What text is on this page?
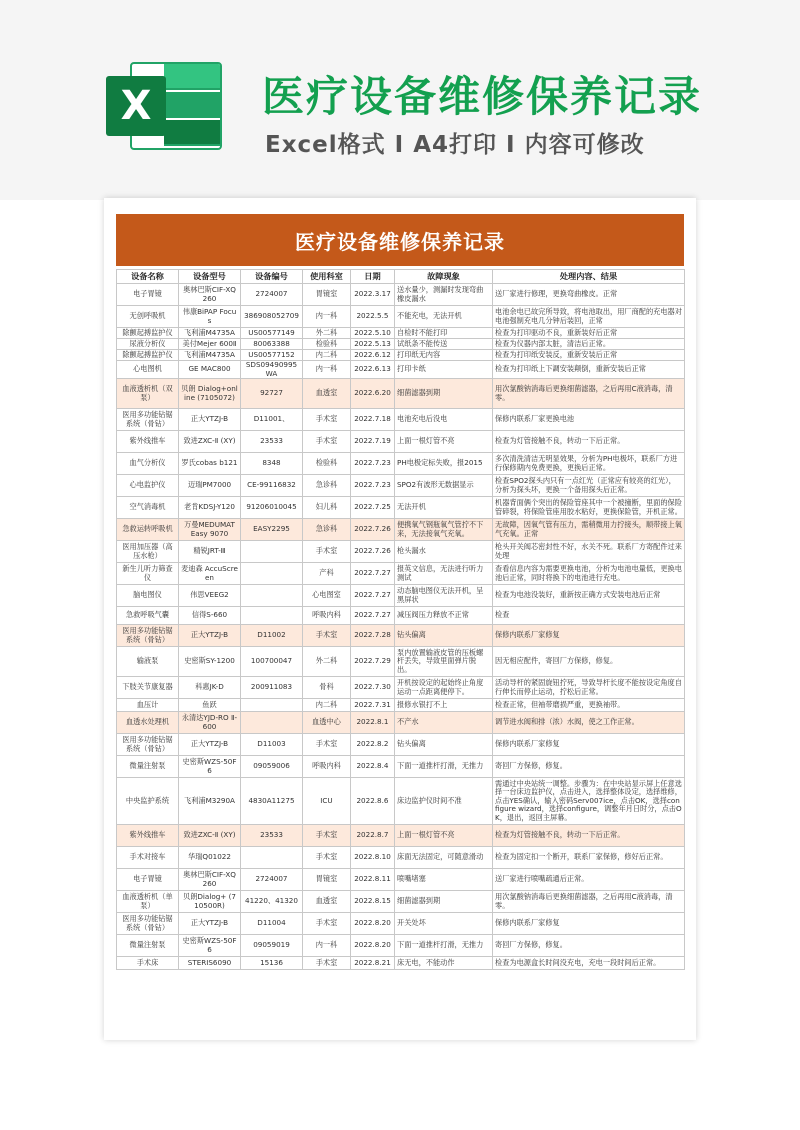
X	医疗设备维修保养记录
Excel格式 I A4打印 I 内容可修改
医疗设备维修保养记录
设备名称	设备型号	设备编号	使用科室	日期	故障现象	处理内容、结果
电子胃镜	奥林巴斯CIF-XQ260	2724007	胃镜室	2022.3.17	送水量少，测漏时发现弯曲橡皮漏水	送厂家进行修理，更换弯曲橡皮。正常
无创呼吸机	伟康BiPAP Focus	386908052709	内一科	2022.5.5	不能充电，无法开机	电池余电已故完所导致，将电池取出，用厂商配的充电器对电池强制充电几分钟后装回，正常
除颤起搏监护仪	飞利浦M4735A	US00577149	外二科	2022.5.10	自检时不能打印	检查为打印驱动不良，重新装好后正常
尿液分析仪	美付Mejer 600Ⅱ	80063388	检验科	2022.5.13	试纸条不能传送	检查为仪器内部太脏，清洁后正常。
除颤起搏监护仪	飞利浦M4735A	US00577152	内二科	2022.6.12	打印纸无内容	检查为打印纸安装反，重新安装后正常
心电图机	GE MAC800	SDS09490995WA	内一科	2022.6.13	打印卡纸	检查为打印纸上下調安装颠倒，重新安装后正常
血液透析机（双泵）	贝朗 Dialog+online (7105072)	92727	血透室	2022.6.20	细菌滤器到期	用次氯酸钠消毒后更换细菌滤器，之后再用C液消毒，清零。
医用多功能钻锯系统（骨钻）	正大YTZJ-B	D11001、	手术室	2022.7.18	电池充电后没电	保修内联系厂家更换电池
紫外线推车	致进ZXC-Ⅱ (XY)	23533	手术室	2022.7.19	上面一根灯管不亮	检查为灯管接触不良，转动一下后正常。
血气分析仪	罗氏cobas b121	8348	检验科	2022.7.23	PH电极定标失败，报2015	多次清洗清洁无明显效果，分析为PH电极坏，联系厂方进行保修期内免费更换，更换后正常。
心电监护仪	迈瑞PM7000	CE-99116832	急诊科	2022.7.23	SPO2有波形无数据显示	检查SPO2探头内只有一点红光（正常应有较亮的红光），分析为探头坏，更换一个备用探头后正常。
空气消毒机	老肯KDSJ-Y120	91206010045	妇儿科	2022.7.25	无法开机	机器背面俩个突出的保险管座其中一个被撞断，里面的保险管碎裂，将保险管座用胶水粘好，更换保险管，开机正常。
急救运转呼吸机	万曼MEDUMAT Easy 9070	EASY2295	急诊科	2022.7.26	便携氧气钢瓶氧气管拧不下来，无法接氧气充氧。	无故障，因氧气管有压力，需稍微用力拧接头，顺带接上氧气充氧。正常
医用加压器（高压水枪）	精锐JRT-Ⅲ		手术室	2022.7.26	枪头漏水	枪头开关阀芯密封性不好，水关不死。联系厂方寄配件过来处理
新生儿听力筛查仪	麦迪森 AccuScreen		产科	2022.7.27	报英文信息，无法进行听力测试	查看信息内容为需要更换电池，分析为电池电量低，更换电池后正常，同时将换下的电池进行充电。
脑电图仪	伟思VEEG2		心电图室	2022.7.27	动态脑电图仪无法开机，呈黑屏状	检查为电池没装好，重新按正确方式安装电池后正常
急救呼吸气囊	信得S-660		呼吸内科	2022.7.27	减压阀压力释放不正常	检查
医用多功能钻锯系统（骨钻）	正大YTZJ-B	D11002	手术室	2022.7.28	钻头偏离	保修内联系厂家修复
输液泵	史密斯SY-1200	100700047	外二科	2022.7.29	泵内放置输液皮管的压板螺杆丢失，导致里面弹片脱出。	因无相应配件，寄回厂方保修，修复。
下肢关节康复器	科惠JK-D	200911083	骨科	2022.7.30	开机按设定的起始终止角度运动一点距离便停下。	活动导杆的紧固旋钮拧死，导致导杆长度不能按设定角度自行伸长而停止运动，拧松后正常。
血压计	鱼跃		内二科	2022.7.31	报修水银打不上	检查正常，但袖带磨损严重，更换袖带。
血透水处理机	永清达YJD-RO Ⅱ-600		血透中心	2022.8.1	不产水	调节进水阀和排（浓）水阀，使之工作正常。
医用多功能钻锯系统（骨钻）	正大YTZJ-B	D11003	手术室	2022.8.2	钻头偏离	保修内联系厂家修复
微量注射泵	史密斯WZS-50F6	09059006	呼吸内科	2022.8.4	下面一道推杆打滑，无推力	寄回厂方保修，修复。
中央监护系统	飞利浦M3290A	4830A11275	ICU	2022.8.6	床边监护仪时间不准	需通过中央站统一调整。步骤为：在中央站显示屏上任意选择一台床边监护仪，点击进入，选择整体设定，选择维修，点击YES确认，输入密码Serv007ice，点击OK，选择configure wizard，选择configure，调整年月日时分，点击OK，退出，返回主屏幕。
紫外线推车	致进ZXC-Ⅱ (XY)	23533	手术室	2022.8.7	上面一根灯管不亮	检查为灯管接触不良，转动一下后正常。
手术对接车	华瑞Q01022		手术室	2022.8.10	床面无法固定，可随意滑动	检查为固定扣一个断开，联系厂家保修，修好后正常。
电子胃镜	奥林巴斯CIF-XQ260	2724007	胃镜室	2022.8.11	喷嘴堵塞	送厂家进行喷嘴疏通后正常。
血液透析机（单泵）	贝朗Dialog+ (710500R)	41220、41320	血透室	2022.8.15	细菌滤器到期	用次氯酸钠消毒后更换细菌滤器，之后再用C液消毒，清零。
医用多功能钻锯系统（骨钻）	正大YTZJ-B	D11004	手术室	2022.8.20	开关处坏	保修内联系厂家修复
微量注射泵	史密斯WZS-50F6	09059019	内一科	2022.8.20	下面一道推杆打滑，无推力	寄回厂方保修，修复。
手术床	STERIS6090	15136	手术室	2022.8.21	床无电，不能动作	检查为电源盒长时间没充电，充电一段时间后正常。
